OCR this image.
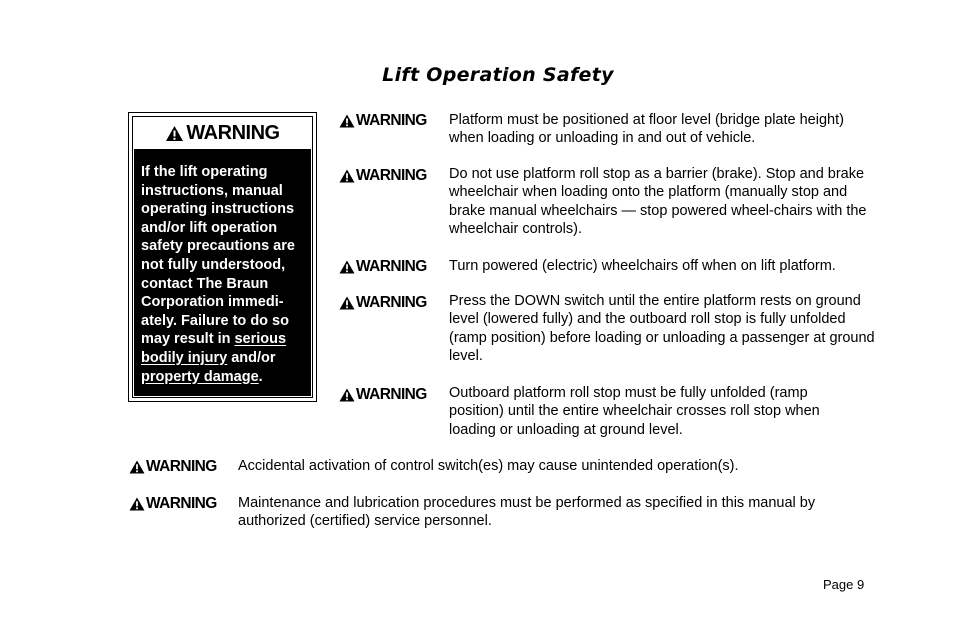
Lift Operation Safety
WARNING
If the lift operating instructions, manual operating instructions and/or lift operation safety precautions are not fully understood, contact The Braun Corporation immediately. Failure to do so may result in serious bodily injury and/or property damage.
WARNING Platform must be positioned at floor level (bridge plate height) when loading or unloading in and out of vehicle.
WARNING Do not use platform roll stop as a barrier (brake). Stop and brake wheelchair when loading onto the platform (manually stop and brake manual wheelchairs — stop powered wheel-chairs with the wheelchair controls).
WARNING Turn powered (electric) wheelchairs off when on lift platform.
WARNING Press the DOWN switch until the entire platform rests on ground level (lowered fully) and the outboard roll stop is fully unfolded (ramp position) before loading or unloading a passenger at ground level.
WARNING Outboard platform roll stop must be fully unfolded (ramp position) until the entire wheelchair crosses roll stop when loading or unloading at ground level.
WARNING Accidental activation of control switch(es) may cause unintended operation(s).
WARNING Maintenance and lubrication procedures must be performed as specified in this manual by authorized (certified) service personnel.
Page 9
